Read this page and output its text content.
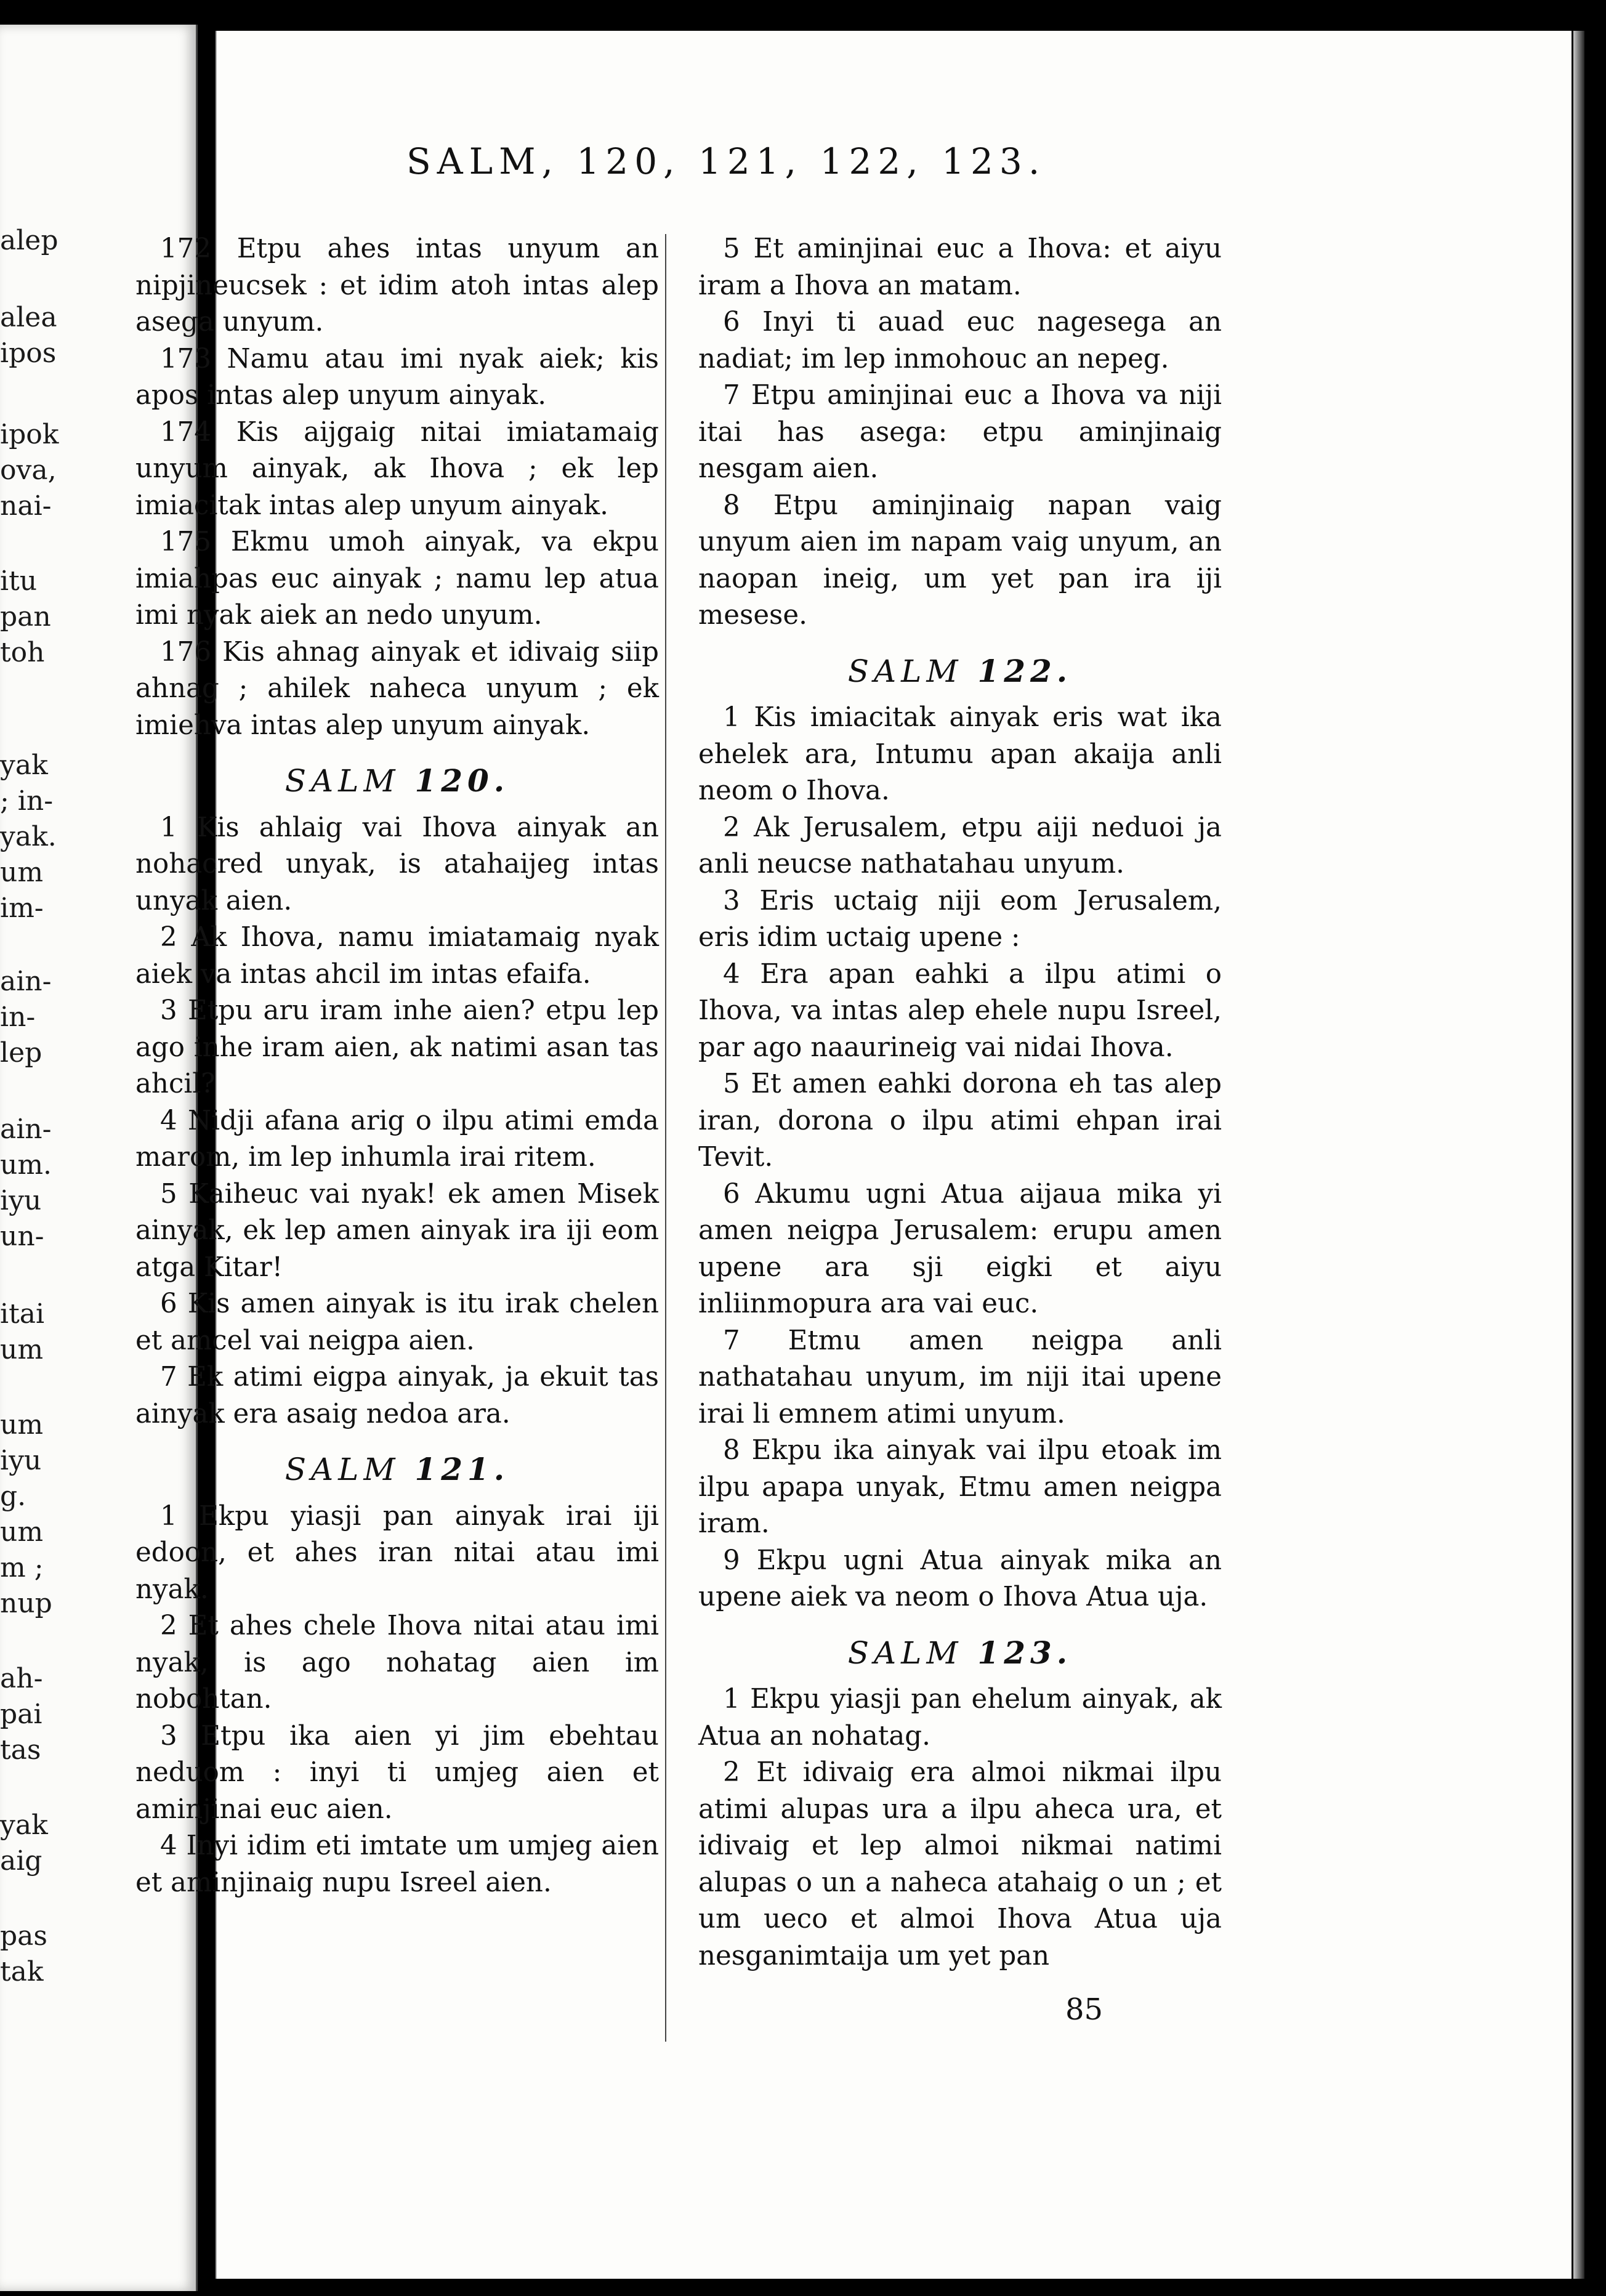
alep
alea
ipos
ipok
ova,
nai-
itu
pan
toh
yak
; in-
yak.
um
im-
ain-
in-
lep
ain-
um.
iyu
un-
itai
um
um
iyu
g.
um
m ;
nup
ah-
pai
tas
yak
aig
pas
tak
SALM, 120, 121, 122, 123.

172 Etpu ahes intas unyum an nipjineucsek : et idim atoh intas alep asega unyum.

173 Namu atau imi nyak aiek; kis apos intas alep unyum ainyak.

174 Kis aijgaig nitai imiatamaig unyum ainyak, ak Ihova ; ek lep imiacitak intas alep unyum ainyak.

175 Ekmu umoh ainyak, va ekpu imiahpas euc ainyak ; namu lep atua imi nyak aiek an nedo unyum.

176 Kis ahnag ainyak et idivaig siip ahnag ; ahilek naheca unyum ; ek imiehva intas alep unyum ainyak.

SALM 120.

1 Kis ahlaig vai Ihova ainyak an nohacred unyak, is atahaijeg intas unyak aien.

2 Ak Ihova, namu imiatamaig nyak aiek va intas ahcil im intas efaifa.

3 Etpu aru iram inhe aien? etpu lep ago inhe iram aien, ak natimi asan tas ahcil?

4 Nidji afana arig o ilpu atimi emda marom, im lep inhumla irai ritem.

5 Kaiheuc vai nyak! ek amen Misek ainyak, ek lep amen ainyak ira iji eom atga Kitar!

6 Kis amen ainyak is itu irak chelen et amcel vai neigpa aien.

7 Ek atimi eigpa ainyak, ja ekuit tas ainyak era asaig nedoa ara.

SALM 121.

1 Ekpu yiasji pan ainyak irai iji edoon, et ahes iran nitai atau imi nyak.

2 Et ahes chele Ihova nitai atau imi nyak, is ago nohatag aien im nobohtan.

3 Etpu ika aien yi jim ebehtau neduom : inyi ti umjeg aien et aminjinai euc aien.

4 Inyi idim eti imtate um umjeg aien et aminjinaig nupu Isreel aien.

5 Et aminjinai euc a Ihova: et aiyu iram a Ihova an matam.

6 Inyi ti auad euc nagesega an nadiat; im lep inmohouc an nepeg.

7 Etpu aminjinai euc a Ihova va niji itai has asega: etpu aminjinaig nesgam aien.

8 Etpu aminjinaig napan vaig unyum aien im napam vaig unyum, an naopan ineig, um yet pan ira iji mesese.

SALM 122.

1 Kis imiacitak ainyak eris wat ika ehelek ara, Intumu apan akaija anli neom o Ihova.

2 Ak Jerusalem, etpu aiji neduoi ja anli neucse nathatahau unyum.

3 Eris uctaig niji eom Jerusalem, eris idim uctaig upene :

4 Era apan eahki a ilpu atimi o Ihova, va intas alep ehele nupu Isreel, par ago naaurineig vai nidai Ihova.

5 Et amen eahki dorona eh tas alep iran, dorona o ilpu atimi ehpan irai Tevit.

6 Akumu ugni Atua aijaua mika yi amen neigpa Jerusalem: erupu amen upene ara sji eigki et aiyu inliinmopura ara vai euc.

7 Etmu amen neigpa anli nathatahau unyum, im niji itai upene irai li emnem atimi unyum.

8 Ekpu ika ainyak vai ilpu etoak im ilpu apapa unyak, Etmu amen neigpa iram.

9 Ekpu ugni Atua ainyak mika an upene aiek va neom o Ihova Atua uja.

SALM 123.

1 Ekpu yiasji pan ehelum ainyak, ak Atua an nohatag.

2 Et idivaig era almoi nikmai ilpu atimi alupas ura a ilpu aheca ura, et idivaig et lep almoi nikmai natimi alupas o un a naheca atahaig o un ; et um ueco et almoi Ihova Atua uja nesganimtaija um yet pan

85
